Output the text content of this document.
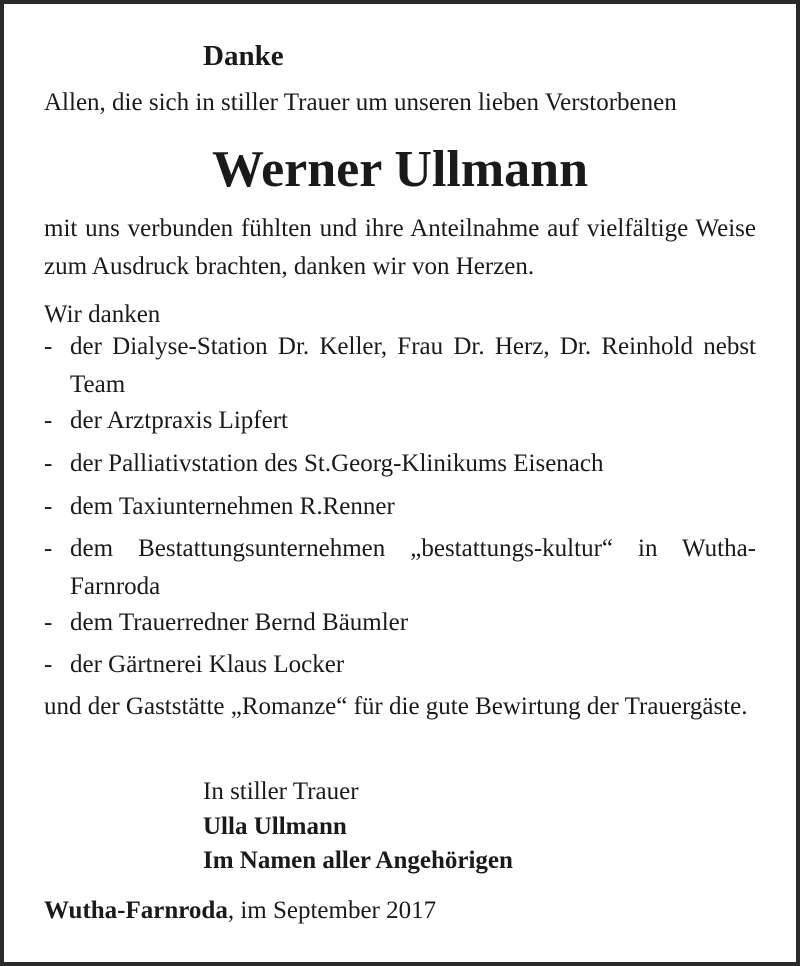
Danke
Allen, die sich in stiller Trauer um unseren lieben Verstorbenen
Werner Ullmann
mit uns verbunden fühlten und ihre Anteilnahme auf vielfältige Weise zum Ausdruck brachten, danken wir von Herzen.
Wir danken
- der Dialyse-Station Dr. Keller, Frau Dr. Herz, Dr. Reinhold nebst Team
- der Arztpraxis Lipfert
- der Palliativstation des St.Georg-Klinikums Eisenach
- dem Taxiunternehmen R.Renner
- dem Bestattungsunternehmen „bestattungs-kultur“ in Wutha-Farnroda
- dem Trauerredner Bernd Bäumler
- der Gärtnerei Klaus Locker
und der Gaststätte „Romanze“ für die gute Bewirtung der Trauergäste.
In stiller Trauer
Ulla Ullmann
Im Namen aller Angehörigen
Wutha-Farnroda, im September 2017
